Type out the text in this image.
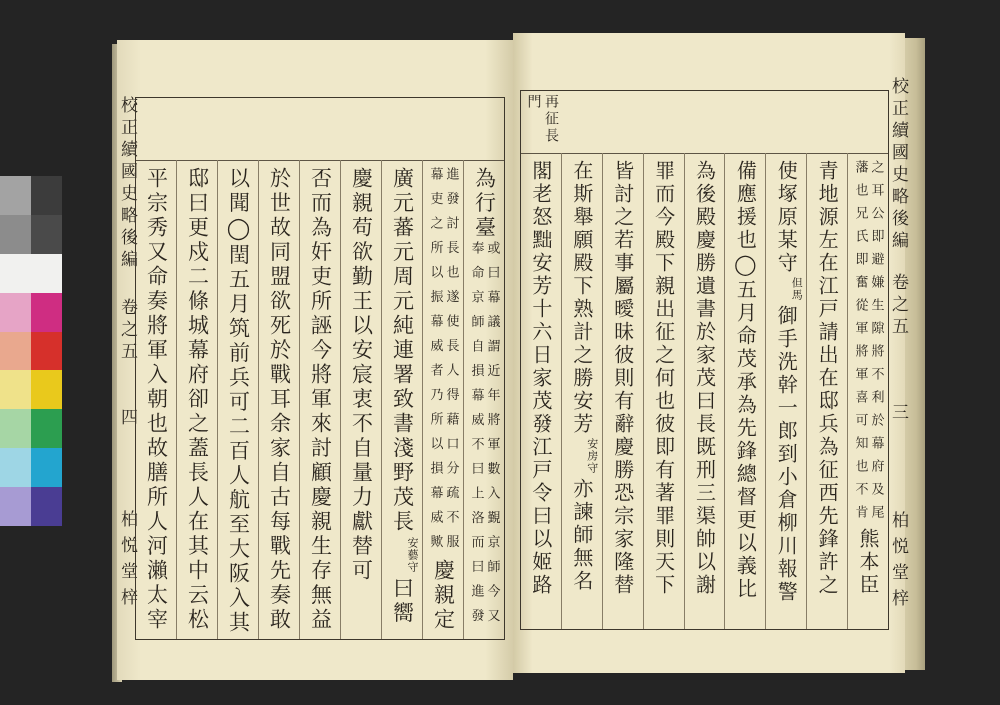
校正續國史略後編
卷之五
四
柏悦堂梓
為行臺
或曰幕議謂近年將軍數入覲京師今又
奉命京師自損幕威不曰上洛而曰進發
進發討長也遂使長人得藉口分疏不服
幕吏之所以振幕威者乃所以損幕威歟
慶親定
廣元蕃元周元純連署致書淺野茂長
安藝守
曰嚮
慶親苟欲勤王以安宸衷不自量力獻替可
否而為奸吏所誣今將軍來討顧慶親生存無益
於世故同盟欲死於戰耳余家自古每戰先奏敢
以聞◯閏五月筑前兵可二百人航至大阪入其
邸曰更戍二條城幕府卻之蓋長人在其中云松
平宗秀又命奏將軍入朝也故膳所人河瀨太宰
再征長門
之耳公即避嫌生隙將不利於幕府及尾
藩也兄氏即奮從軍將軍喜可知也不肯
熊本臣
青地源左在江戸請出在邸兵為征西先鋒許之
使塚原某守
但馬
御手洗幹一郎到小倉柳川報警
備應援也◯五月命茂承為先鋒總督更以義比
為後殿慶勝遺書於家茂曰長既刑三渠帥以謝
罪而今殿下親出征之何也彼即有著罪則天下
皆討之若事屬曖昧彼則有辭慶勝恐宗家隆替
在斯舉願殿下熟計之勝安芳
安房守
亦諫師無名
閣老怒黜安芳十六日家茂發江戸令曰以姬路	校正續國史略後編
卷之五
三
柏悦堂梓
